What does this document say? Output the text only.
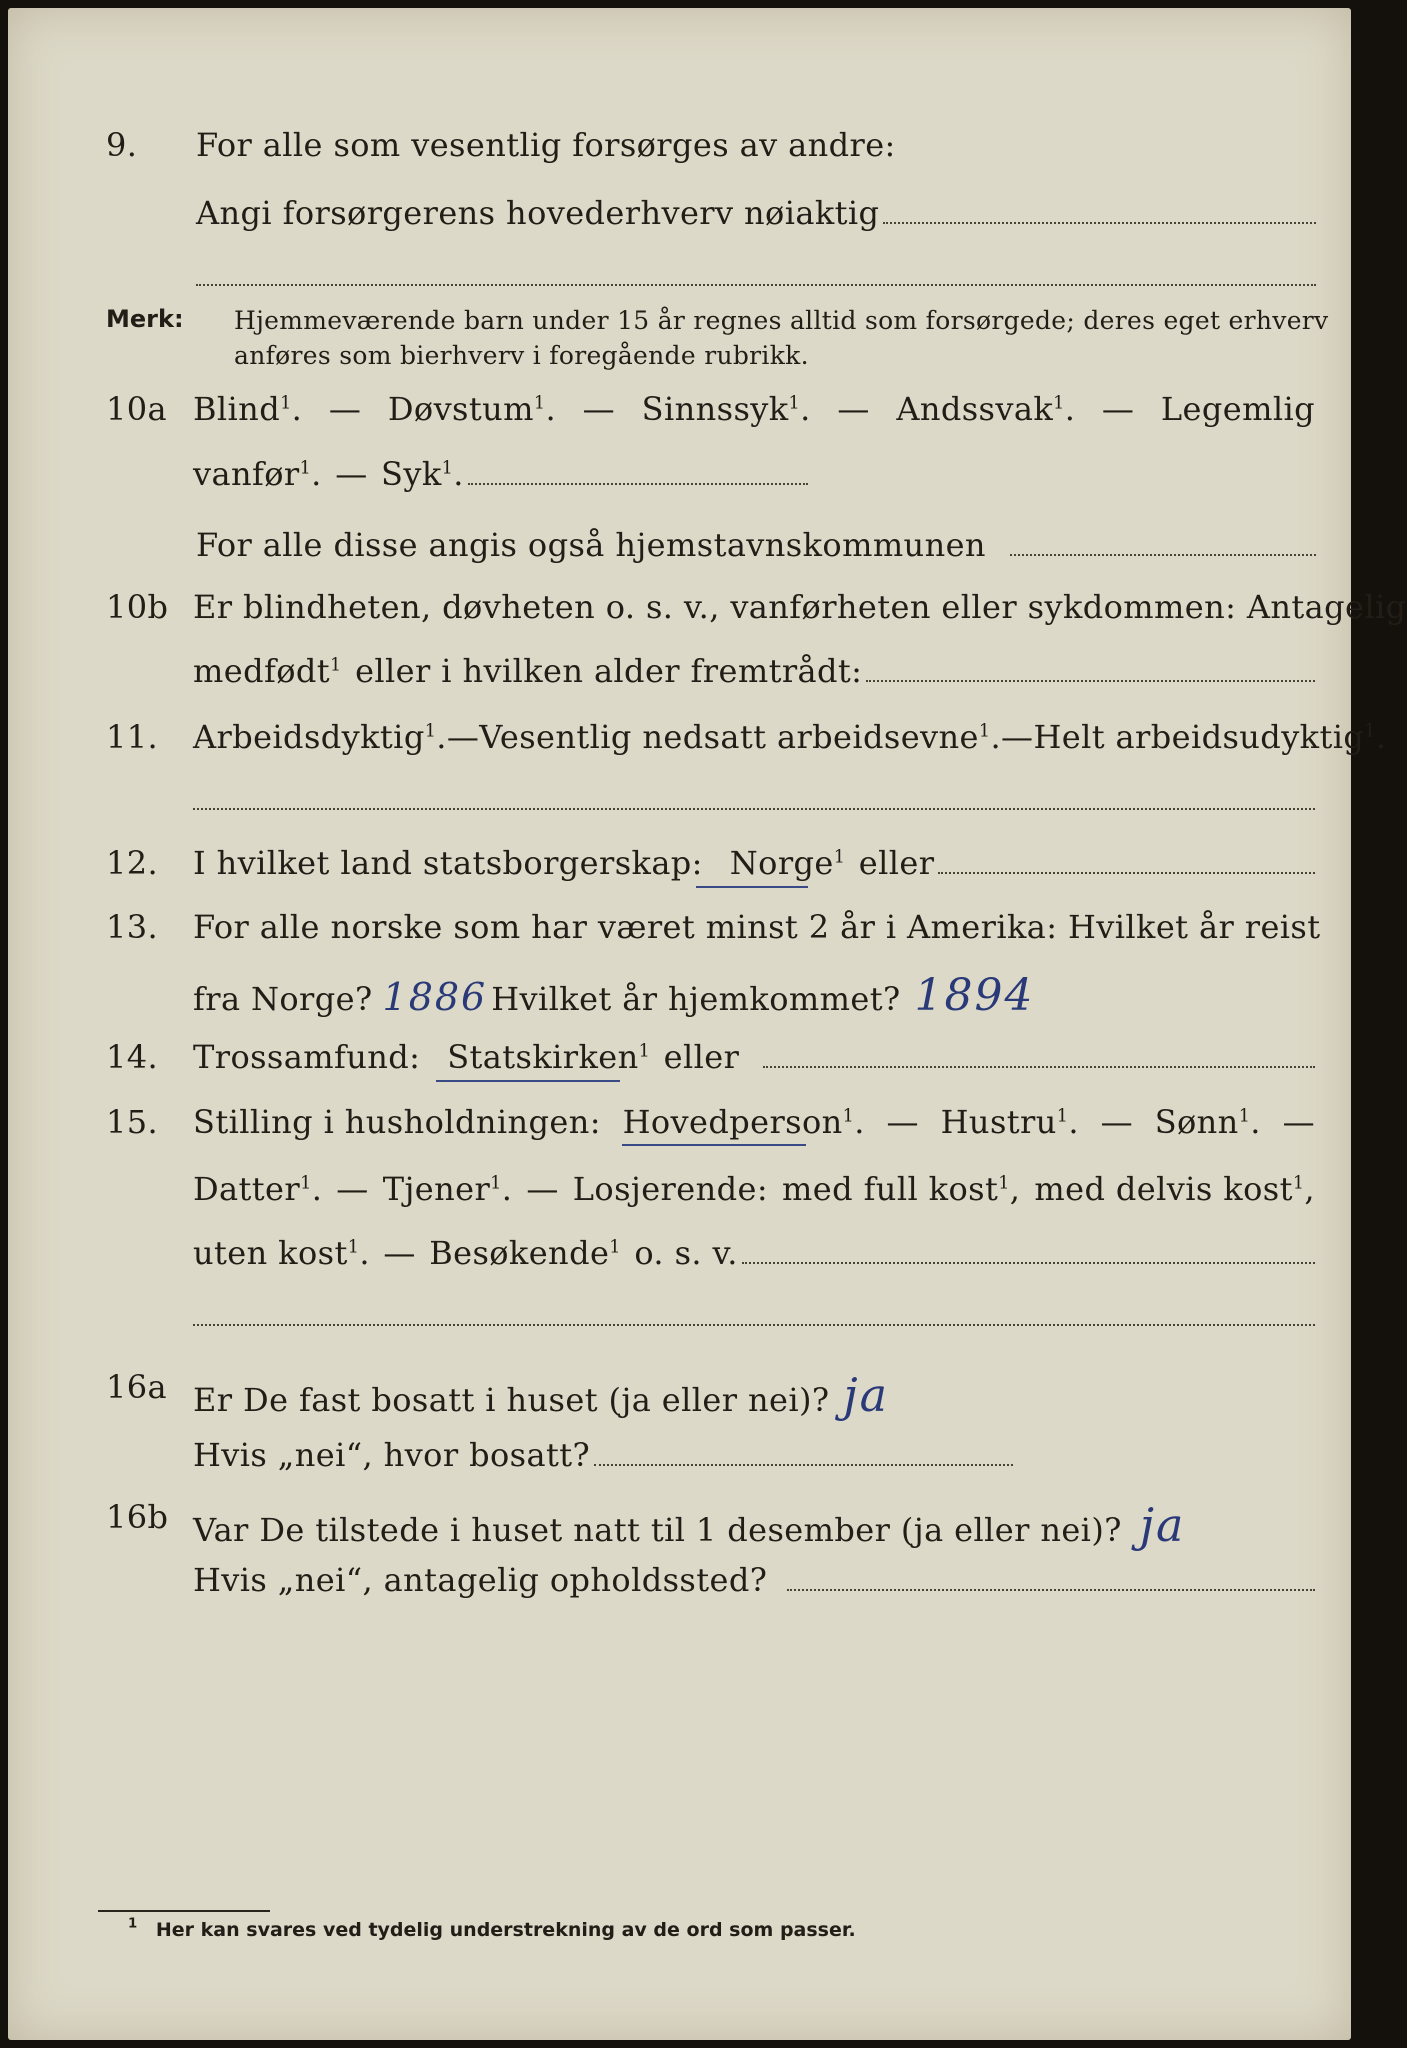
9. For alle som vesentlig forsørges av andre:
Angi forsørgerens hovederhverv nøiaktig
Merk: Hjemmeværende barn under 15 år regnes alltid som forsørgede; deres eget erhverv
anføres som bierhverv i foregående rubrikk.
10a Blind$^1$. — Døvstum$^1$. — Sinnssyk$^1$. — Andssvak$^1$. — Legemlig
vanfør$^1$. — Syk$^1$.
For alle disse angis også hjemstavnskommunen
10b Er blindheten, døvheten o. s. v., vanførheten eller sykdommen: Antagelig
medfødt$^1$ eller i hvilken alder fremtrådt:
11. Arbeidsdyktig$^1$. — Vesentlig nedsatt arbeidsevne$^1$. — Helt arbeidsudyktig$^1$.
12. I hvilket land statsborgerskap: Norge$^1$ eller
13. For alle norske som har været minst 2 år i Amerika: Hvilket år reist
fra Norge? 1886 Hvilket år hjemkommet? 1894
14. Trossamfund: Statskirken$^1$ eller
15. Stilling i husholdningen: Hovedperson$^1$. — Hustru$^1$. — Sønn$^1$. —
Datter$^1$. — Tjener$^1$. — Losjerende: med full kost$^1$, med delvis kost$^1$,
uten kost$^1$. — Besøkende$^1$ o. s. v.
16a Er De fast bosatt i huset (ja eller nei)? ja
Hvis „nei“, hvor bosatt?
16b Var De tilstede i huset natt til 1 desember (ja eller nei)? ja
Hvis „nei“, antagelig opholdssted?
$^1$ Her kan svares ved tydelig understrekning av de ord som passer.
